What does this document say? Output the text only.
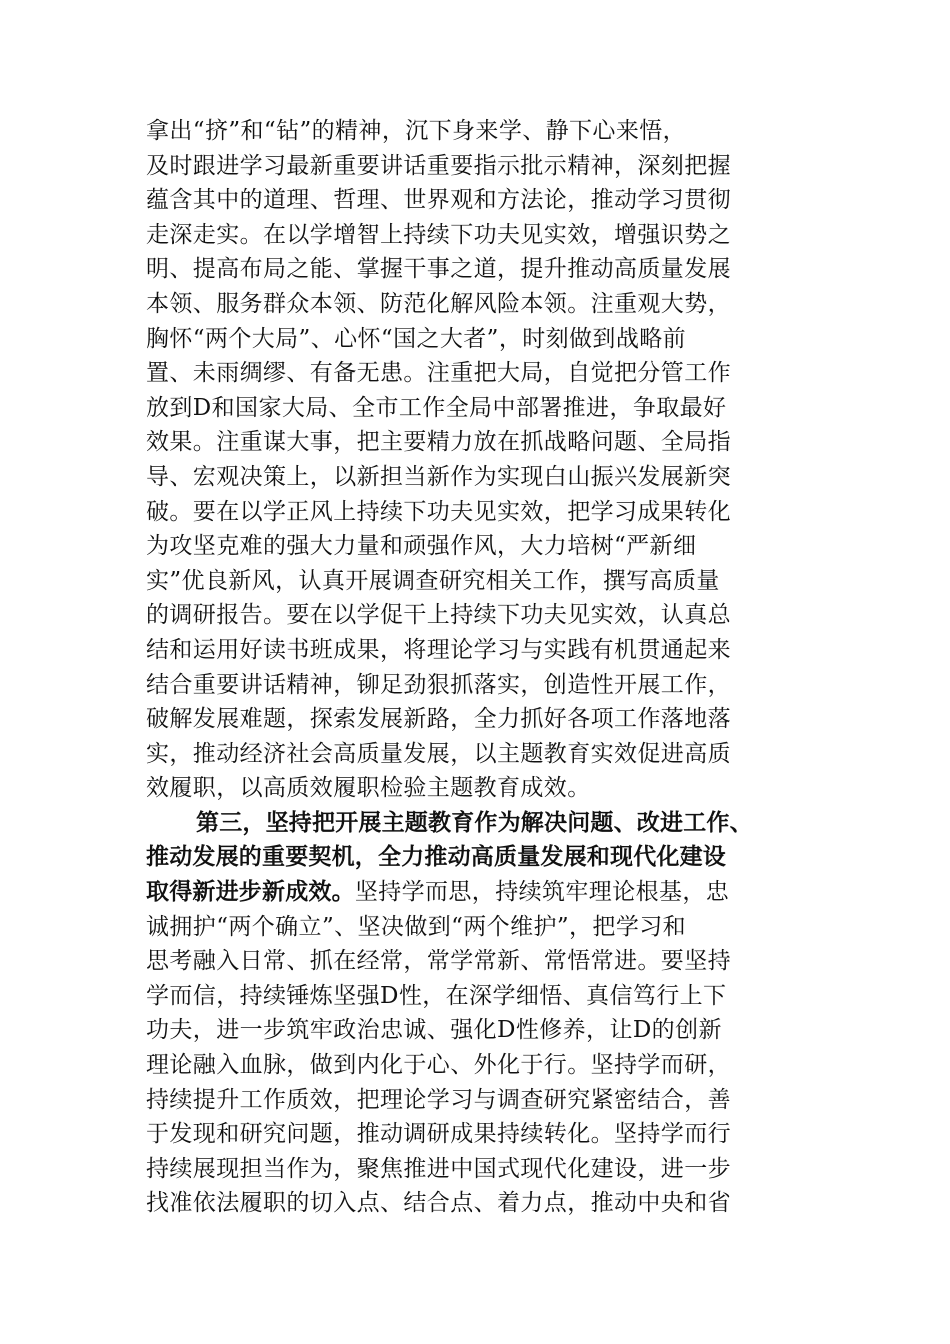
拿出“挤”和“钻”的精神，沉下身来学、静下心来悟，
及时跟进学习最新重要讲话重要指示批示精神，深刻把握
蕴含其中的道理、哲理、世界观和方法论，推动学习贯彻
走深走实。在以学增智上持续下功夫见实效，增强识势之
明、提高布局之能、掌握干事之道，提升推动高质量发展
本领、服务群众本领、防范化解风险本领。注重观大势，
胸怀“两个大局”、心怀“国之大者”，时刻做到战略前
置、未雨绸缪、有备无患。注重把大局，自觉把分管工作
放到D和国家大局、全市工作全局中部署推进，争取最好
效果。注重谋大事，把主要精力放在抓战略问题、全局指
导、宏观决策上，以新担当新作为实现白山振兴发展新突
破。要在以学正风上持续下功夫见实效，把学习成果转化
为攻坚克难的强大力量和顽强作风，大力培树“严新细
实”优良新风，认真开展调查研究相关工作，撰写高质量
的调研报告。要在以学促干上持续下功夫见实效，认真总
结和运用好读书班成果，将理论学习与实践有机贯通起来
结合重要讲话精神，铆足劲狠抓落实，创造性开展工作，
破解发展难题，探索发展新路，全力抓好各项工作落地落
实，推动经济社会高质量发展，以主题教育实效促进高质
效履职，以高质效履职检验主题教育成效。
第三，坚持把开展主题教育作为解决问题、改进工作、
推动发展的重要契机，全力推动高质量发展和现代化建设
取得新进步新成效。坚持学而思，持续筑牢理论根基，忠
诚拥护“两个确立”、坚决做到“两个维护”，把学习和
思考融入日常、抓在经常，常学常新、常悟常进。要坚持
学而信，持续锤炼坚强D性，在深学细悟、真信笃行上下
功夫，进一步筑牢政治忠诚、强化D性修养，让D的创新
理论融入血脉，做到内化于心、外化于行。坚持学而研，
持续提升工作质效，把理论学习与调查研究紧密结合，善
于发现和研究问题，推动调研成果持续转化。坚持学而行
持续展现担当作为，聚焦推进中国式现代化建设，进一步
找准依法履职的切入点、结合点、着力点，推动中央和省
